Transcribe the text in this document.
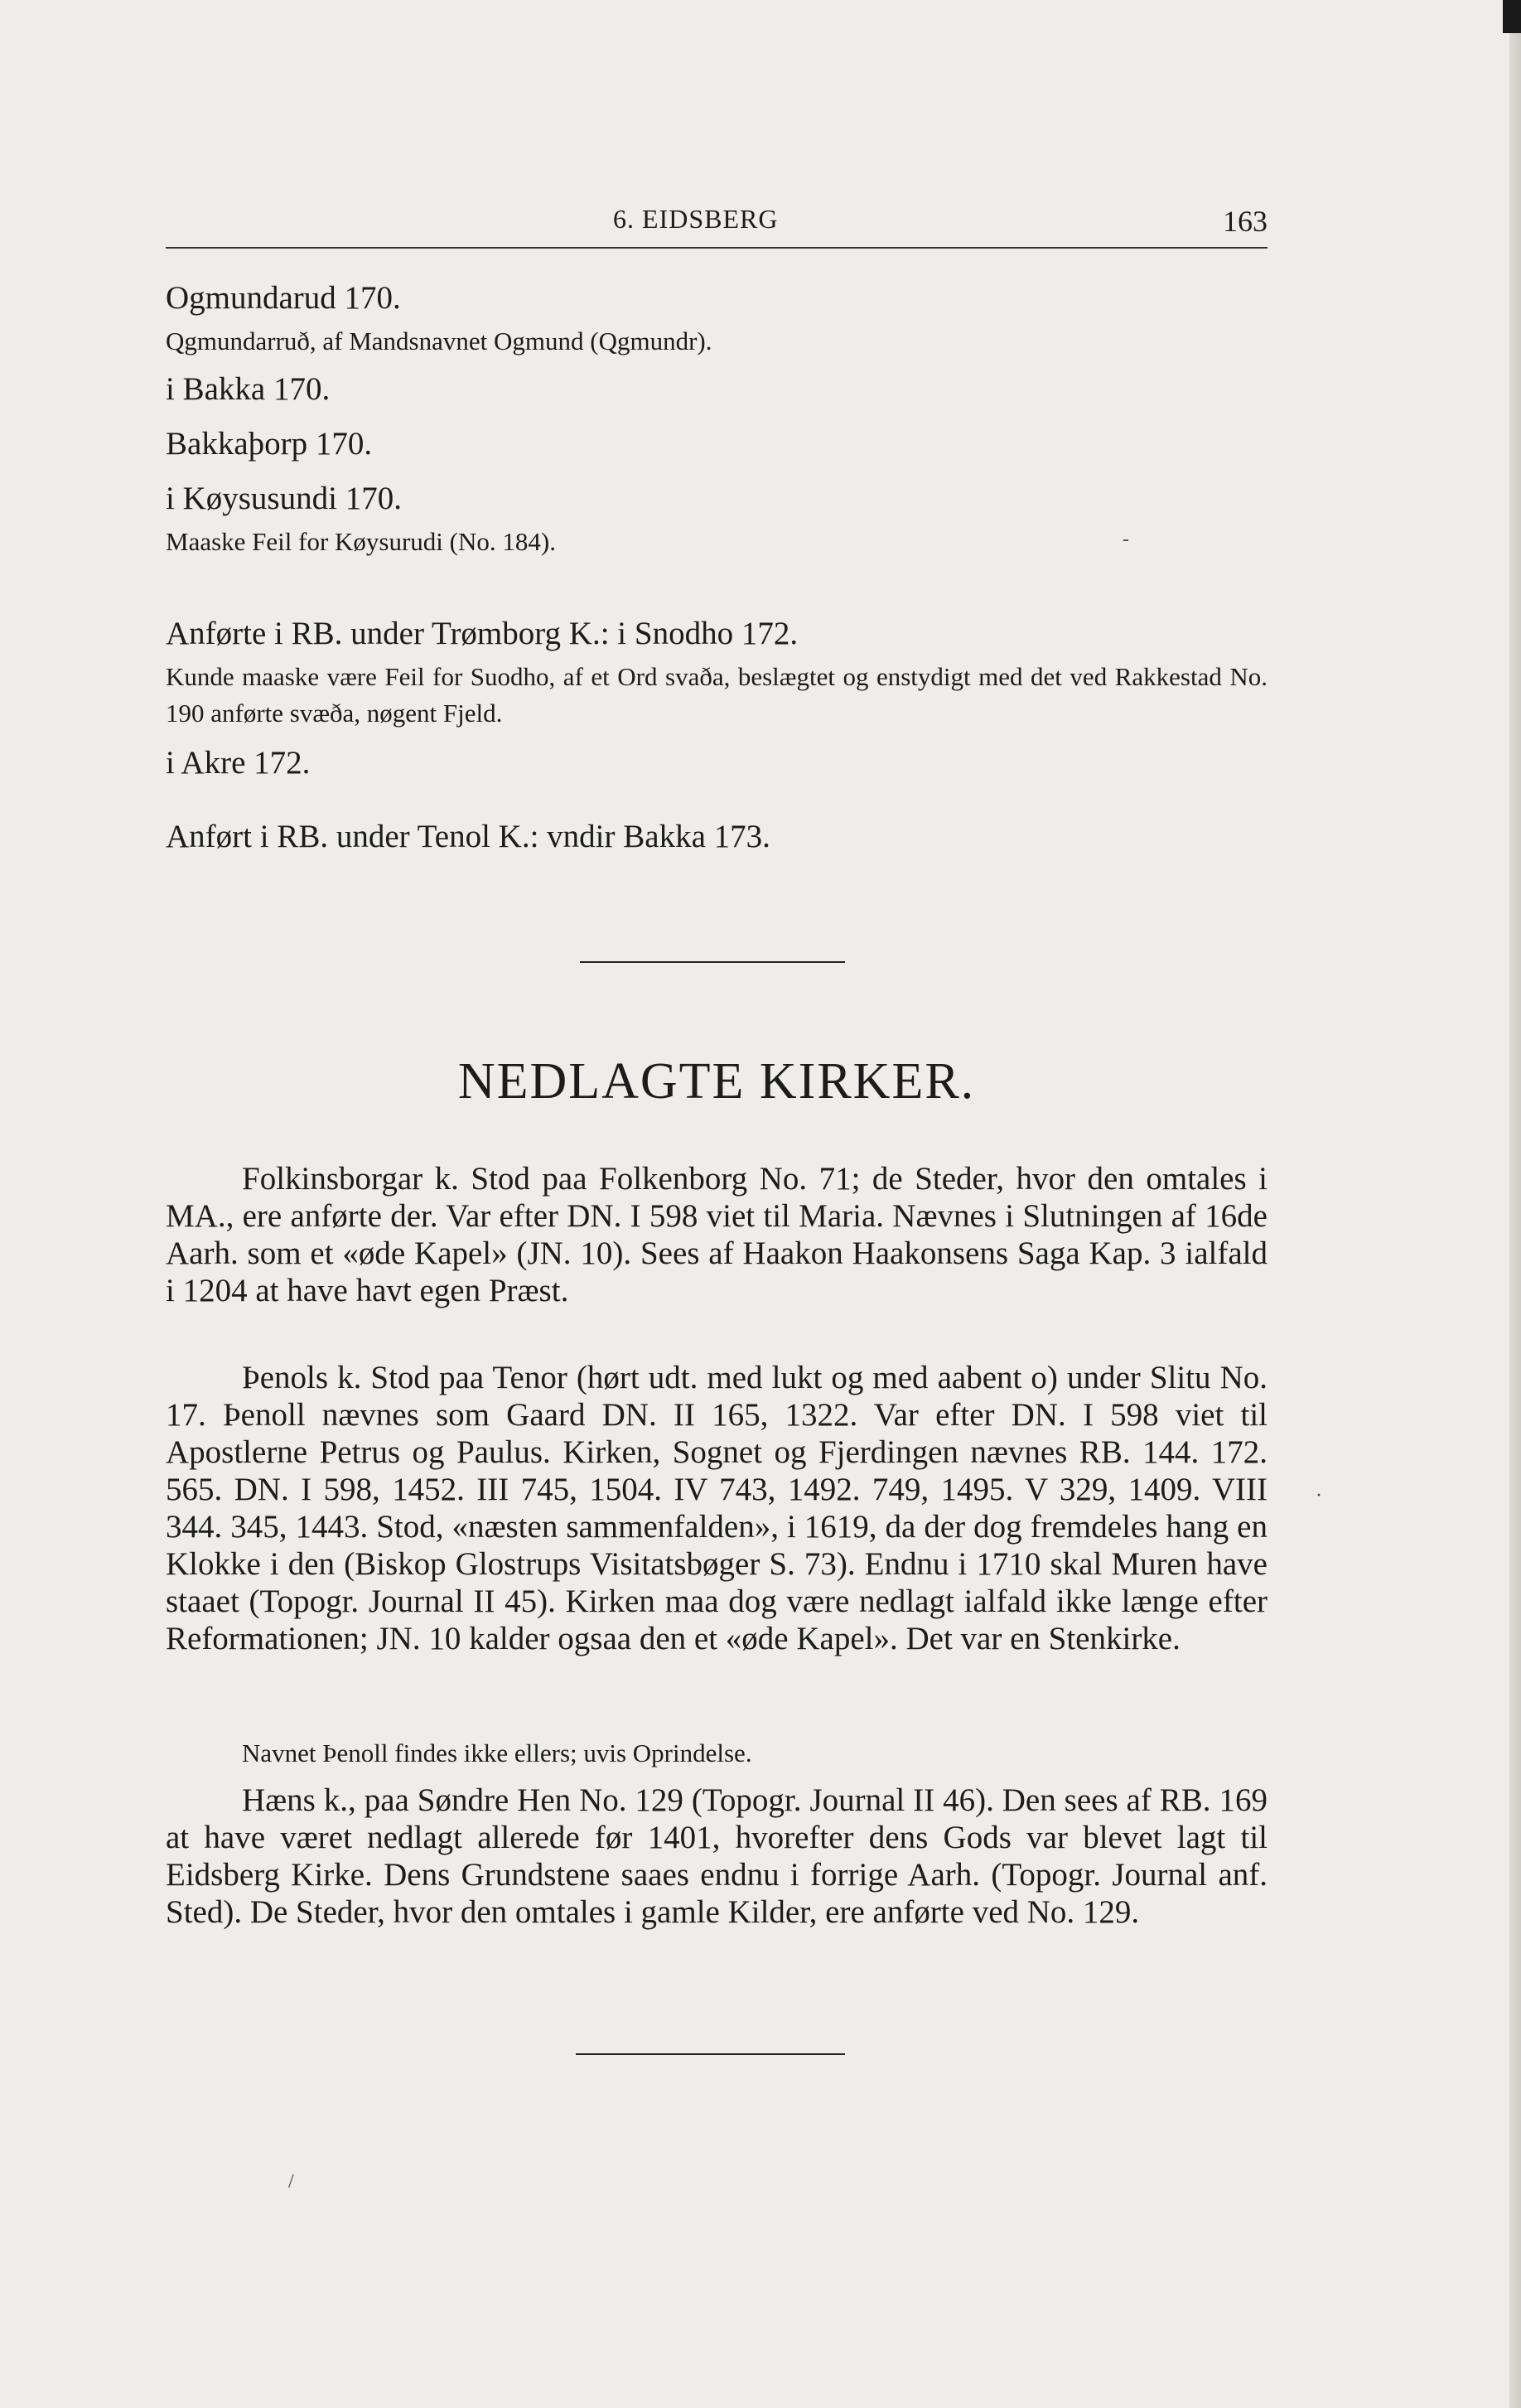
6. EIDSBERG	163
Ogmundarud 170.
Qgmundarruð, af Mandsnavnet Ogmund (Qgmundr).
i Bakka 170.
Bakkaþorp 170.
i Køysusundi 170.
Maaske Feil for Køysurudi (No. 184).
Anførte i RB. under Trømborg K.: i Snodho 172.
Kunde maaske være Feil for Suodho, af et Ord svaða, beslægtet og enstydigt med det ved Rakkestad No. 190 anførte svæða, nøgent Fjeld.
i Akre 172.
Anført i RB. under Tenol K.: vndir Bakka 173.
NEDLAGTE KIRKER.
Folkinsborgar k. Stod paa Folkenborg No. 71; de Steder, hvor den omtales i MA., ere anførte der. Var efter DN. I 598 viet til Maria. Nævnes i Slutningen af 16de Aarh. som et «øde Kapel» (JN. 10). Sees af Haakon Haakonsens Saga Kap. 3 ialfald i 1204 at have havt egen Præst.
Þenols k. Stod paa Tenor (hørt udt. med lukt og med aabent o) under Slitu No. 17. Þenoll nævnes som Gaard DN. II 165, 1322. Var efter DN. I 598 viet til Apostlerne Petrus og Paulus. Kirken, Sognet og Fjerdingen nævnes RB. 144. 172. 565. DN. I 598, 1452. III 745, 1504. IV 743, 1492. 749, 1495. V 329, 1409. VIII 344. 345, 1443. Stod, «næsten sammenfalden», i 1619, da der dog fremdeles hang en Klokke i den (Biskop Glostrups Visitatsbøger S. 73). Endnu i 1710 skal Muren have staaet (Topogr. Journal II 45). Kirken maa dog være nedlagt ialfald ikke længe efter Reformationen; JN. 10 kalder ogsaa den et «øde Kapel». Det var en Stenkirke.
Navnet Þenoll findes ikke ellers; uvis Oprindelse.
Hæns k., paa Søndre Hen No. 129 (Topogr. Journal II 46). Den sees af RB. 169 at have været nedlagt allerede før 1401, hvorefter dens Gods var blevet lagt til Eidsberg Kirke. Dens Grundstene saaes endnu i forrige Aarh. (Topogr. Journal anf. Sted). De Steder, hvor den omtales i gamle Kilder, ere anførte ved No. 129.
/
·
-
